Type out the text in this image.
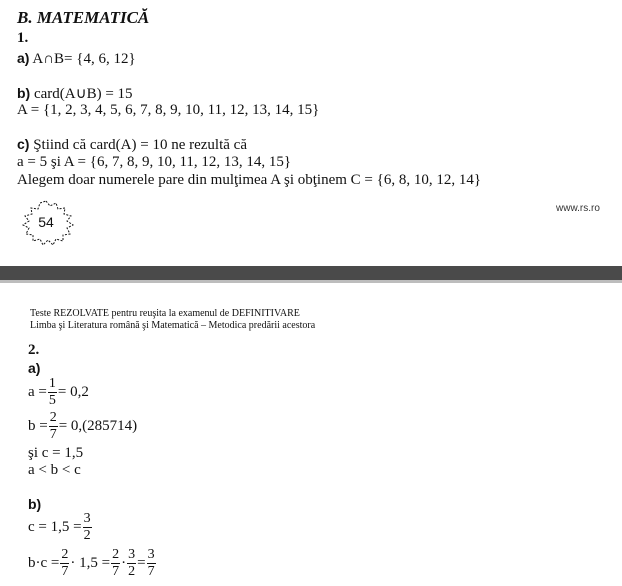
B. MATEMATICĂ
1.
a) A∩B= {4, 6, 12}
b) card(A∪B) = 15
A = {1, 2, 3, 4, 5, 6, 7, 8, 9, 10, 11, 12, 13, 14, 15}
c) Ştiind că card(A) = 10 ne rezultă că
a = 5 şi A = {6, 7, 8, 9, 10, 11, 12, 13, 14, 15}
Alegem doar numerele pare din mulţimea A şi obţinem C = {6, 8, 10, 12, 14}
54
www.rs.ro
Teste REZOLVATE pentru reuşita la examenul de DEFINITIVARE
Limba şi Literatura română şi Matematică – Metodica predării acestora
2.
a)
$a = \frac{1}{5} = 0,2$
$b = \frac{2}{7} = 0,(285714)$
şi c = 1,5
a < b < c
b)
$c = 1,5 = \frac{3}{2}$
$b\cdot c = \frac{2}{7} \cdot 1,5 = \frac{2}{7} \cdot \frac{3}{2} = \frac{3}{7}$
